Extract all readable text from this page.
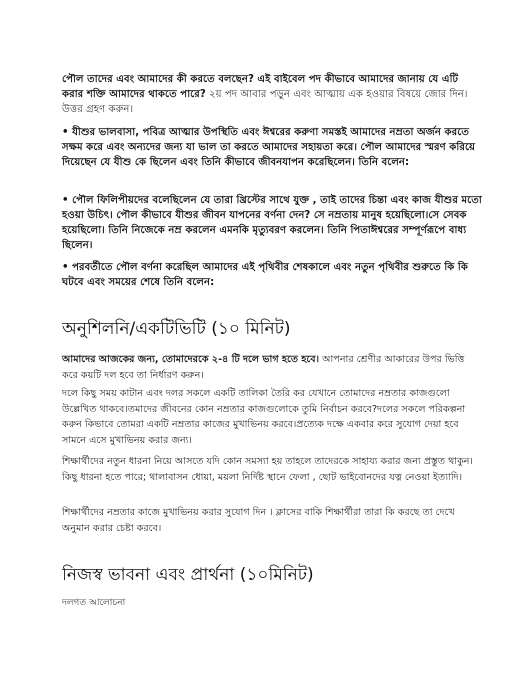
পৌল তাদের এবং আমাদের কী করতে বলছেন? এই বাইবেল পদ কীভাবে আমাদের জানায় যে এটি করার শক্তি আমাদের থাকতে পারে? ২য় পদ আবার পড়ুন এবং আত্মায় এক হওয়ার বিষয়ে জোর দিন। উত্তর গ্রহণ করুন।

• যীশুর ভালবাসা, পবিত্র আত্মার উপস্থিতি এবং ঈশ্বরের করুণা সমস্তই আমাদের নম্রতা অর্জন করতে সক্ষম করে এবং অন্যদের জন্য যা ভাল তা করতে আমাদের সহায়তা করে। পৌল আমাদের স্মরণ করিয়ে দিয়েছেন যে যীশু কে ছিলেন এবং তিনি কীভাবে জীবনযাপন করেছিলেন। তিনি বলেন:

• পৌল ফিলিপীয়দের বলেছিলেন যে তারা খ্রিস্টের সাথে যুক্ত , তাই তাদের চিন্তা এবং কাজ যীশুর মতো হওয়া উচিৎ। পৌল কীভাবে যীশুর জীবন যাপনের বর্ণনা দেন? সে নম্রতায় মানুষ হয়েছিলো।সে সেবক হয়েছিলো। তিনি নিজেকে নম্র করলেন এমনকি মৃত্যুবরণ করলেন। তিনি পিতাঈশ্বরের সম্পূর্ণরূপে বাধ্য ছিলেন।

• পরবর্তীতে পৌল বর্ণনা করেছিল আমাদের এই পৃথিবীর শেষকালে এবং নতুন পৃথিবীর শুরুতে কি কি ঘটবে এবং সময়ের শেষে তিনি বলেন:

অনুশিলনি/একটিভিটি (১০ মিনিট)

আমাদের আজকের জন্য, তোমাদেরকে ২-৪ টি দলে ভাগ হতে হবে। আপনার শ্রেণীর আকারের উপর ভিত্তি করে কয়টি দল হবে তা নির্ধারণ করুন।

দলে কিছু সময় কাটান এবং দলর সকলে একটি তালিকা তৈরি কর যেখানে তোমাদের নম্রতার কাজগুলো উল্লেখিত থাকবে।তমাদের জীবনের কোন নম্রতার কাজগুলোকে তুমি নির্বাচন করবে?দলের সকলে পরিকল্পনা করুন কিভাবে তোমরা একটি নম্রতার কাজের মুখাভিনয় করবে।প্রত্যেক দক্ষে একবার করে সুযোগ দেয়া হবে সামনে এসে মুখাভিনয় করার জন্য।

শিক্ষার্থীদের নতুন ধারনা নিয়ে আসতে যদি কোন সমস্যা হয় তাহলে তাদেরকে সাহায্য করার জন্য প্রস্তুত থাকুন। কিছু ধারনা হতে পারে; থালাবাসন ধোয়া, ময়লা নির্দিষ্ট স্থানে ফেলা , ছোট ভাইবোনদের যত্ন নেওয়া ইত্যাদি।

শিক্ষার্থীদের নম্রতার কাজে মুখাভিনয় করার সুযোগ দিন । ক্লাসের বাকি শিক্ষার্থীরা তারা কি করছে তা দেখে অনুমান করার চেষ্টা করবে।

নিজস্ব ভাবনা এবং প্রার্থনা (১০মিনিট)

দলগত আলোচনা
